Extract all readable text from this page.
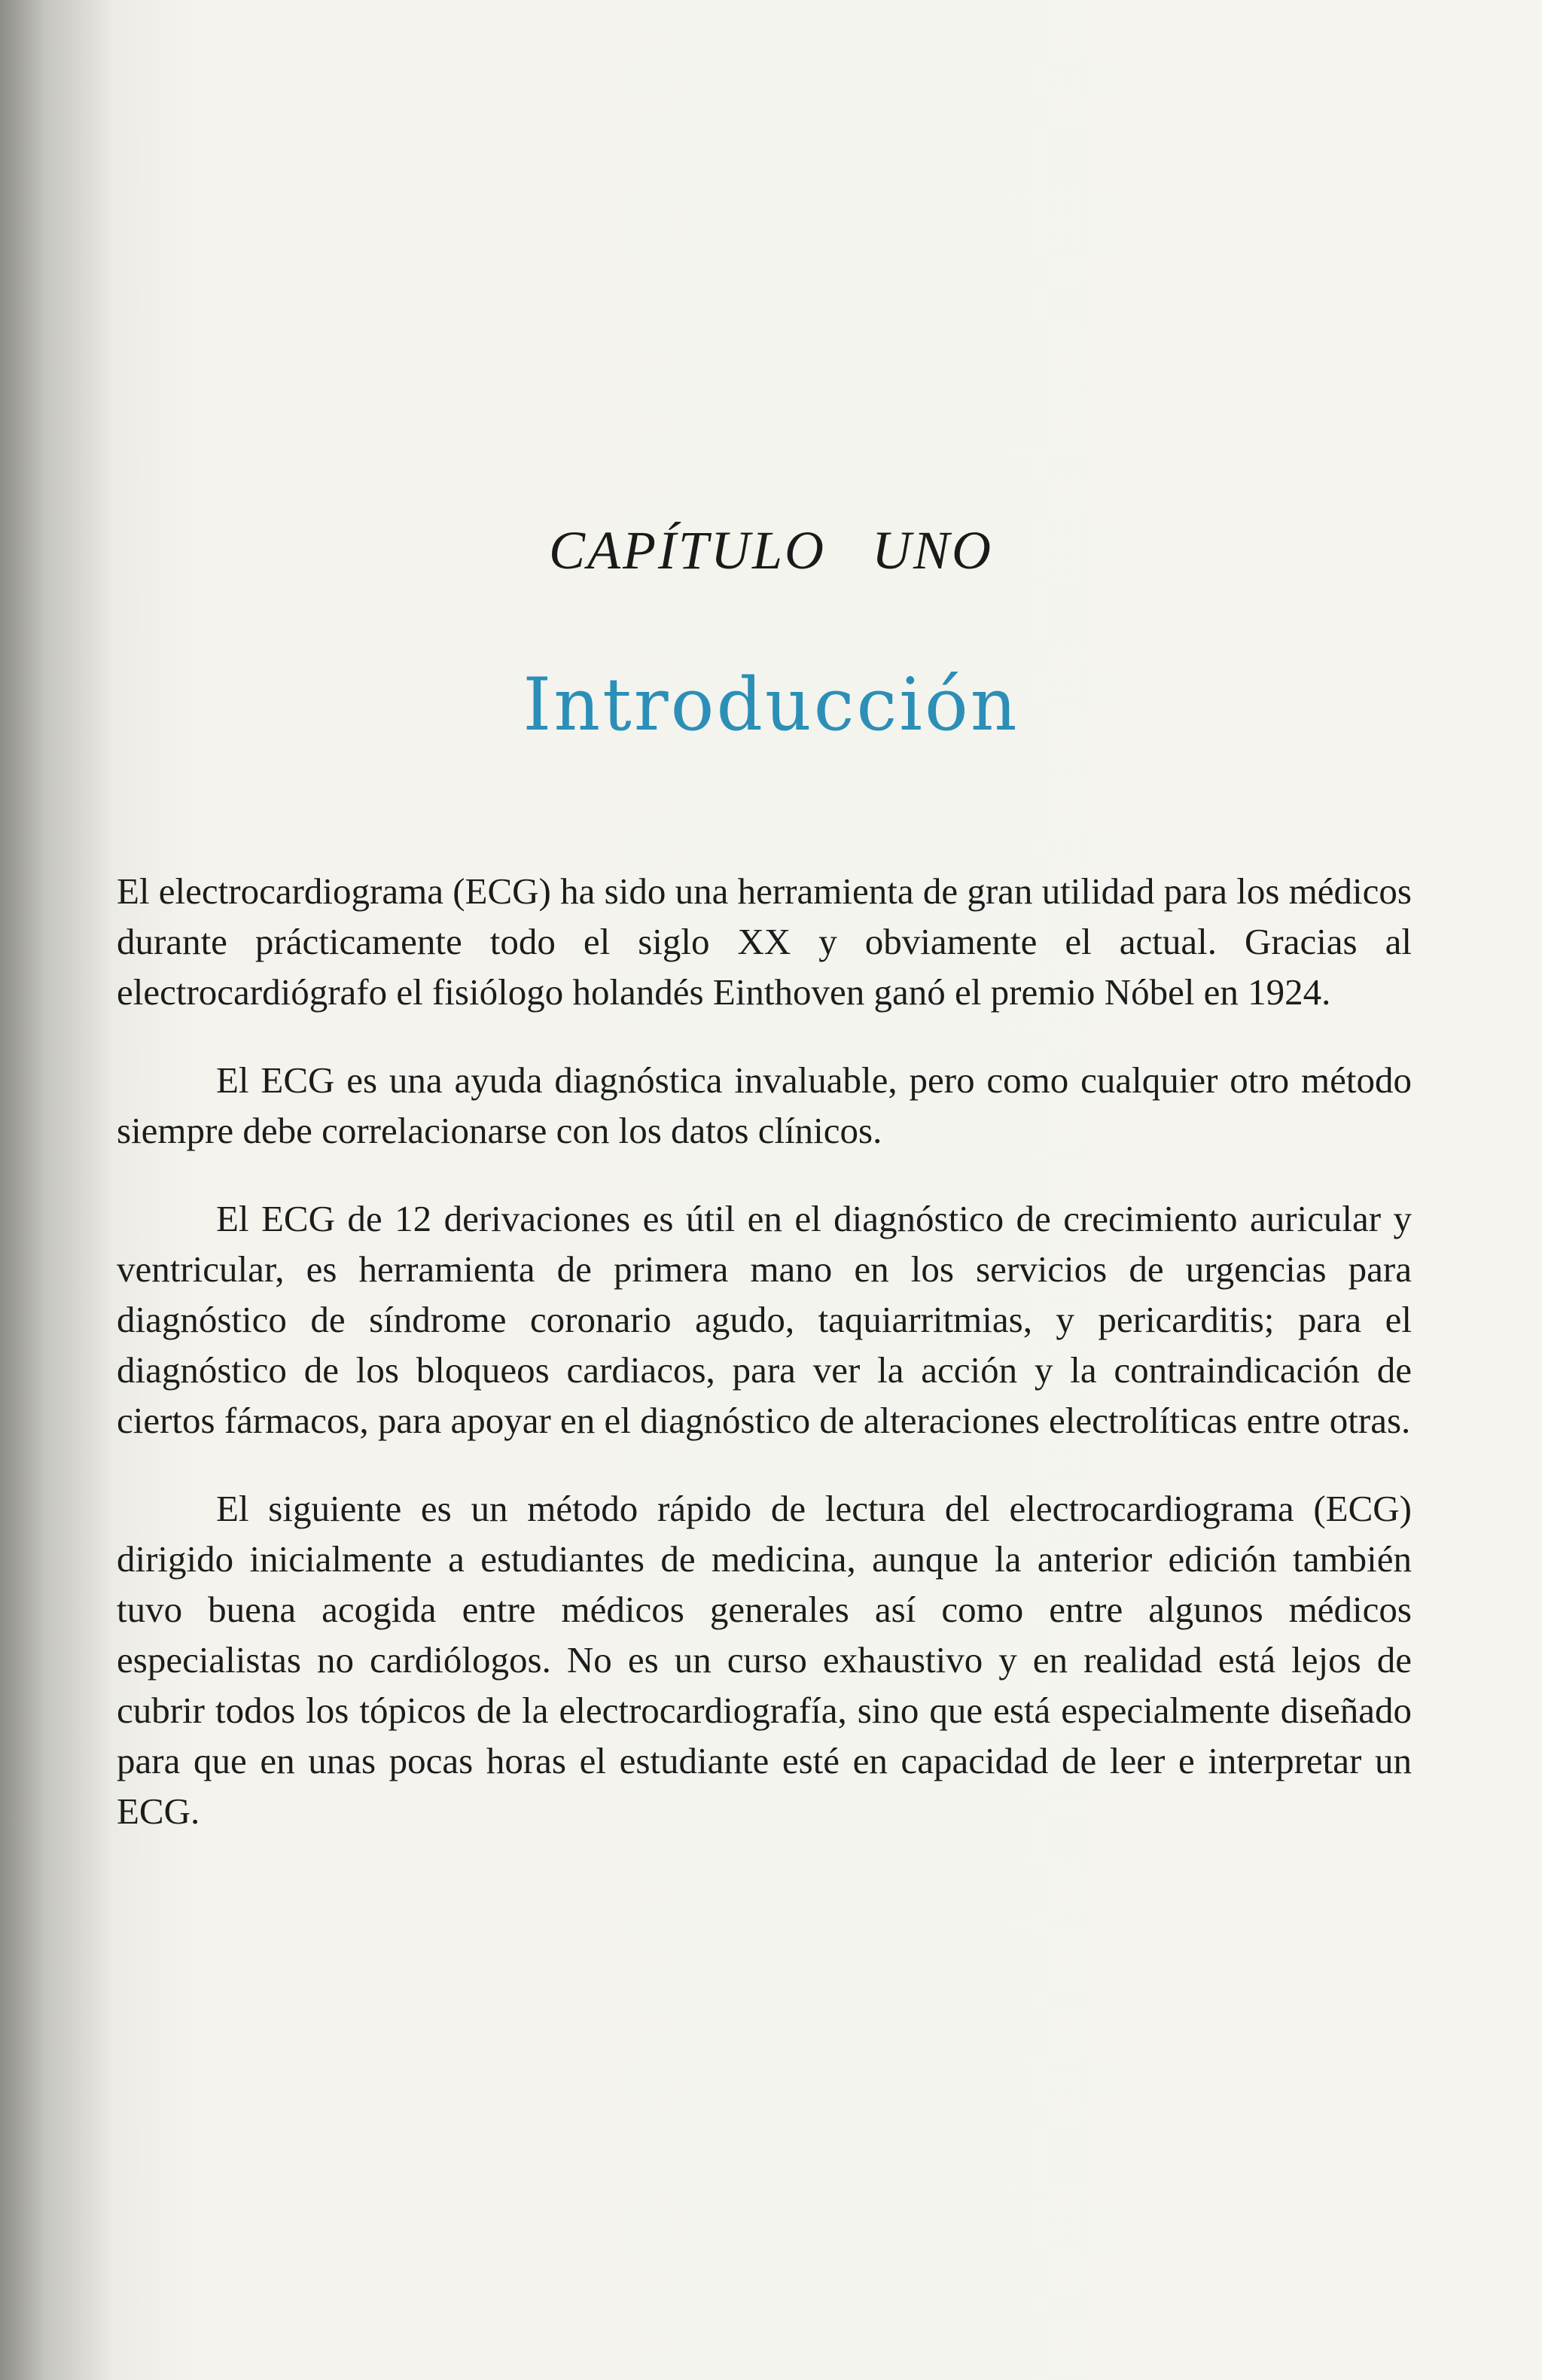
CAPÍTULO UNO
Introducción

El electrocardiograma (ECG) ha sido una herramienta de gran utilidad para los médicos durante prácticamente todo el siglo XX y obviamente el actual. Gracias al electrocardiógrafo el fisiólogo holandés Einthoven ganó el premio Nóbel en 1924.

El ECG es una ayuda diagnóstica invaluable, pero como cualquier otro método siempre debe correlacionarse con los datos clínicos.

El ECG de 12 derivaciones es útil en el diagnóstico de crecimiento auricular y ventricular, es herramienta de primera mano en los servicios de urgencias para diagnóstico de síndrome coronario agudo, taquiarritmias, y pericarditis; para el diagnóstico de los bloqueos cardiacos, para ver la acción y la contraindicación de ciertos fármacos, para apoyar en el diagnóstico de alteraciones electrolíticas entre otras.

El siguiente es un método rápido de lectura del electrocardiograma (ECG) dirigido inicialmente a estudiantes de medicina, aunque la anterior edición también tuvo buena acogida entre médicos generales así como entre algunos médicos especialistas no cardiólogos. No es un curso exhaustivo y en realidad está lejos de cubrir todos los tópicos de la electrocardiografía, sino que está especialmente diseñado para que en unas pocas horas el estudiante esté en capacidad de leer e interpretar un ECG.
